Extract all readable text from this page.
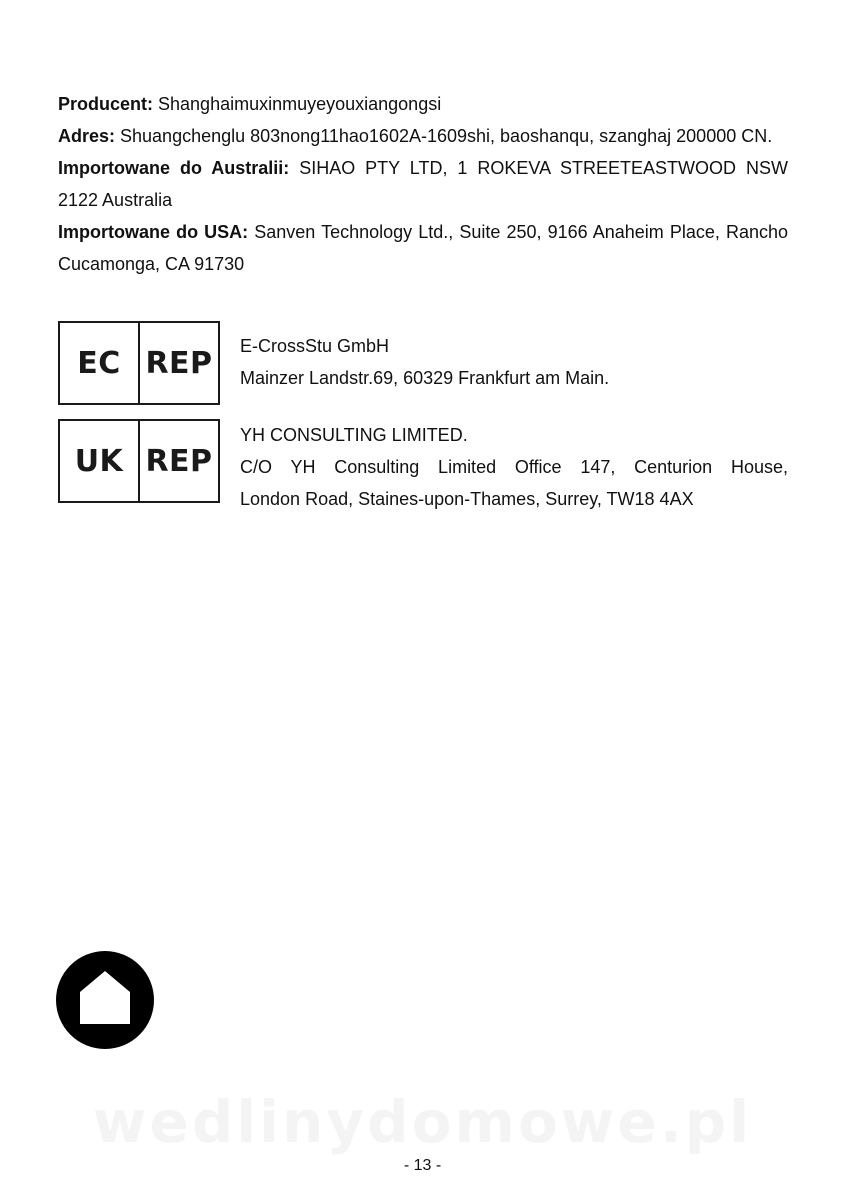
Producent: Shanghaimuxinmuyeyouxiangongsi

Adres: Shuangchenglu 803nong11hao1602A-1609shi, baoshanqu, szanghaj 200000 CN.

Importowane do Australii: SIHAO PTY LTD, 1 ROKEVA STREETEASTWOOD NSW 2122 Australia

Importowane do USA: Sanven Technology Ltd., Suite 250, 9166 Anaheim Place, Rancho Cucamonga, CA 91730

EC REP	E-CrossStu GmbH
Mainzer Landstr.69, 60329 Frankfurt am Main.
UK REP
YH CONSULTING LIMITED.
C/O YH Consulting Limited Office 147, Centurion House,
London Road, Staines-upon-Thames, Surrey, TW18 4AX
wedlinydomowe.pl
- 13 -
